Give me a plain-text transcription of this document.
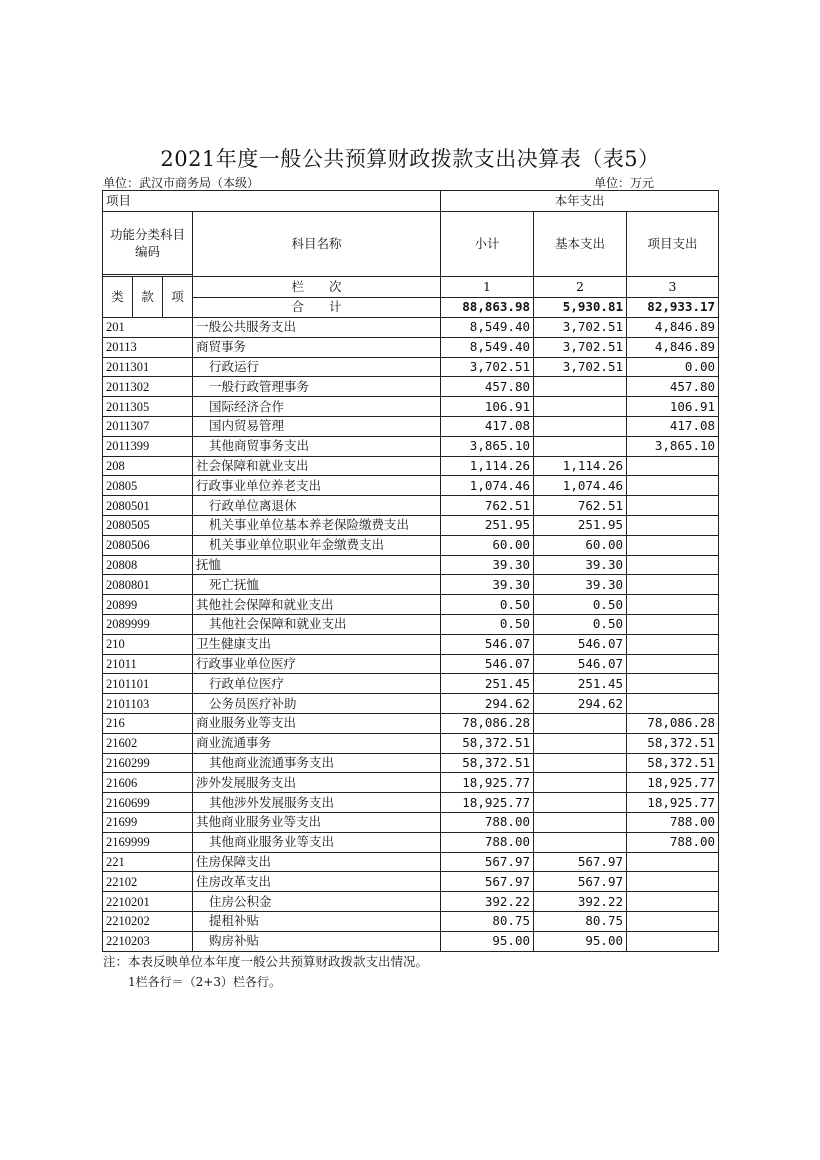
2021年度一般公共预算财政拨款支出决算表（表5）
单位：武汉市商务局（本级）	单位：万元
项目				本年支出		
功能分类科目编码			科目名称	小计	基本支出	项目支出

类	款	项	栏　　次	1	2	3
			合　　计	88,863.98	5,930.81	82,933.17
201			一般公共服务支出	8,549.40	3,702.51	4,846.89
20113			商贸事务	8,549.40	3,702.51	4,846.89
2011301			行政运行	3,702.51	3,702.51	0.00
2011302			一般行政管理事务	457.80		457.80
2011305			国际经济合作	106.91		106.91
2011307			国内贸易管理	417.08		417.08
2011399			其他商贸事务支出	3,865.10		3,865.10
208			社会保障和就业支出	1,114.26	1,114.26	
20805			行政事业单位养老支出	1,074.46	1,074.46	
2080501			行政单位离退休	762.51	762.51	
2080505			机关事业单位基本养老保险缴费支出	251.95	251.95	
2080506			机关事业单位职业年金缴费支出	60.00	60.00	
20808			抚恤	39.30	39.30	
2080801			死亡抚恤	39.30	39.30	
20899			其他社会保障和就业支出	0.50	0.50	
2089999			其他社会保障和就业支出	0.50	0.50	
210			卫生健康支出	546.07	546.07	
21011			行政事业单位医疗	546.07	546.07	
2101101			行政单位医疗	251.45	251.45	
2101103			公务员医疗补助	294.62	294.62	
216			商业服务业等支出	78,086.28		78,086.28
21602			商业流通事务	58,372.51		58,372.51
2160299			其他商业流通事务支出	58,372.51		58,372.51
21606			涉外发展服务支出	18,925.77		18,925.77
2160699			其他涉外发展服务支出	18,925.77		18,925.77
21699			其他商业服务业等支出	788.00		788.00
2169999			其他商业服务业等支出	788.00		788.00
221			住房保障支出	567.97	567.97	
22102			住房改革支出	567.97	567.97	
2210201			住房公积金	392.22	392.22	
2210202			提租补贴	80.75	80.75	
2210203			购房补贴	95.00	95.00	
注：本表反映单位本年度一般公共预算财政拨款支出情况。
1栏各行＝（2+3）栏各行。
